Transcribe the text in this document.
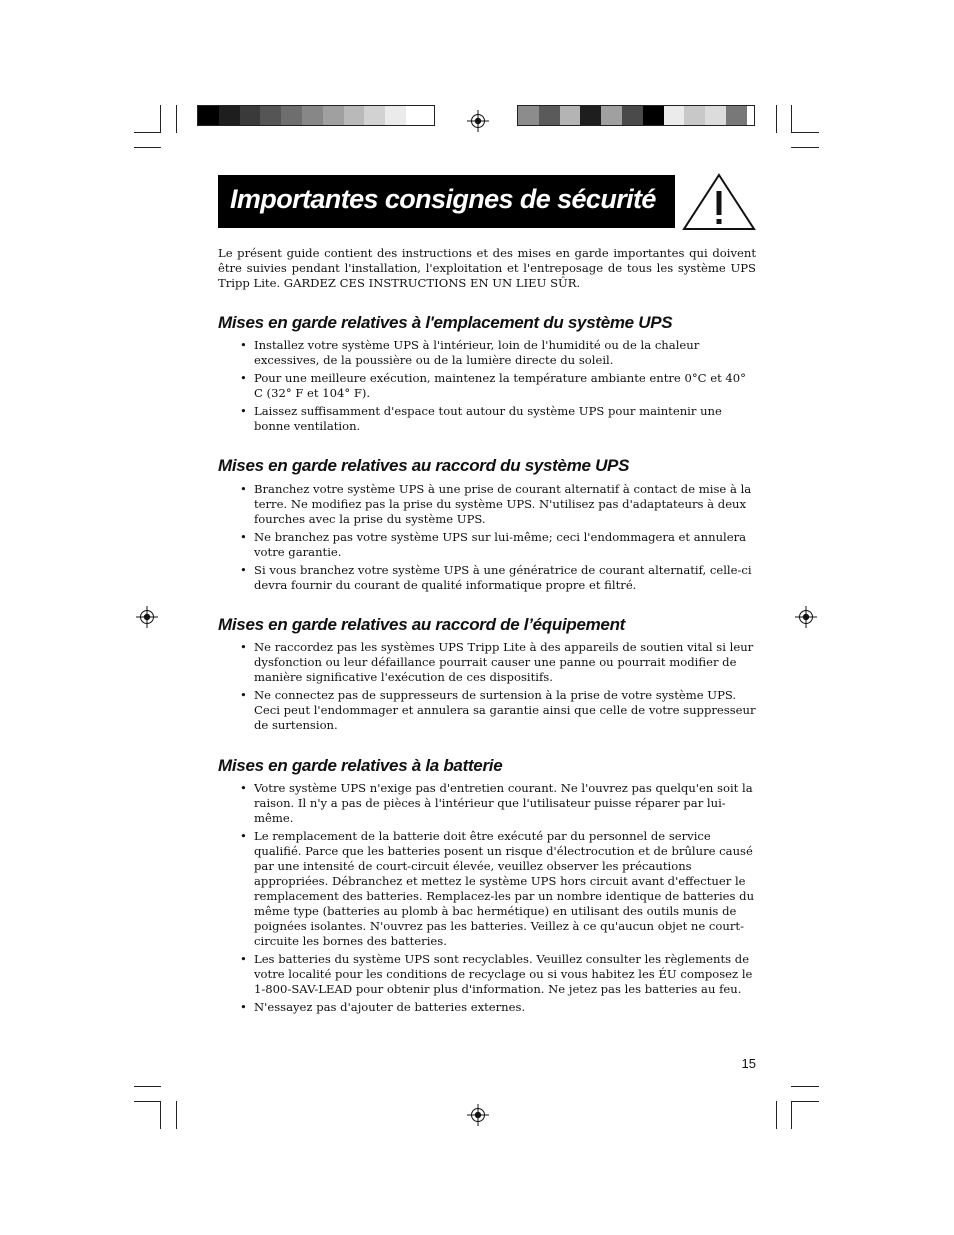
Importantes consignes de sécurité
Le présent guide contient des instructions et des mises en garde importantes qui doivent être suivies pendant l'installation, l'exploitation et l'entreposage de tous les système UPS Tripp Lite. GARDEZ CES INSTRUCTIONS EN UN LIEU SÛR.
Mises en garde relatives à l'emplacement du système UPS
• Installez votre système UPS à l'intérieur, loin de l'humidité ou de la chaleur excessives, de la poussière ou de la lumière directe du soleil.
• Pour une meilleure exécution, maintenez la température ambiante entre 0°C et 40° C (32° F et 104° F).
• Laissez suffisamment d'espace tout autour du système UPS pour maintenir une bonne ventilation.
Mises en garde relatives au raccord du système UPS
• Branchez votre système UPS à une prise de courant alternatif à contact de mise à la terre. Ne modifiez pas la prise du système UPS. N'utilisez pas d'adaptateurs à deux fourches avec la prise du système UPS.
• Ne branchez pas votre système UPS sur lui-même; ceci l'endommagera et annulera votre garantie.
• Si vous branchez votre système UPS à une génératrice de courant alternatif, celle-ci devra fournir du courant de qualité informatique propre et filtré.
Mises en garde relatives au raccord de l’équipement
• Ne raccordez pas les systèmes UPS Tripp Lite à des appareils de soutien vital si leur dysfonction ou leur défaillance pourrait causer une panne ou pourrait modifier de manière significative l'exécution de ces dispositifs.
• Ne connectez pas de suppresseurs de surtension à la prise de votre système UPS. Ceci peut l'endommager et annulera sa garantie ainsi que celle de votre suppresseur de surtension.
Mises en garde relatives à la batterie
• Votre système UPS n'exige pas d'entretien courant. Ne l'ouvrez pas quelqu'en soit la raison. Il n'y a pas de pièces à l'intérieur que l'utilisateur puisse réparer par lui-même.
• Le remplacement de la batterie doit être exécuté par du personnel de service qualifié. Parce que les batteries posent un risque d'électrocution et de brûlure causé par une intensité de court-circuit élevée, veuillez observer les précautions appropriées. Débranchez et mettez le système UPS hors circuit avant d'effectuer le remplacement des batteries. Remplacez-les par un nombre identique de batteries du même type (batteries au plomb à bac hermétique) en utilisant des outils munis de poignées isolantes. N'ouvrez pas les batteries. Veillez à ce qu'aucun objet ne court-circuite les bornes des batteries.
• Les batteries du système UPS sont recyclables. Veuillez consulter les règlements de votre localité pour les conditions de recyclage ou si vous habitez les ÉU composez le 1-800-SAV-LEAD pour obtenir plus d'information. Ne jetez pas les batteries au feu.
• N'essayez pas d'ajouter de batteries externes.
15
